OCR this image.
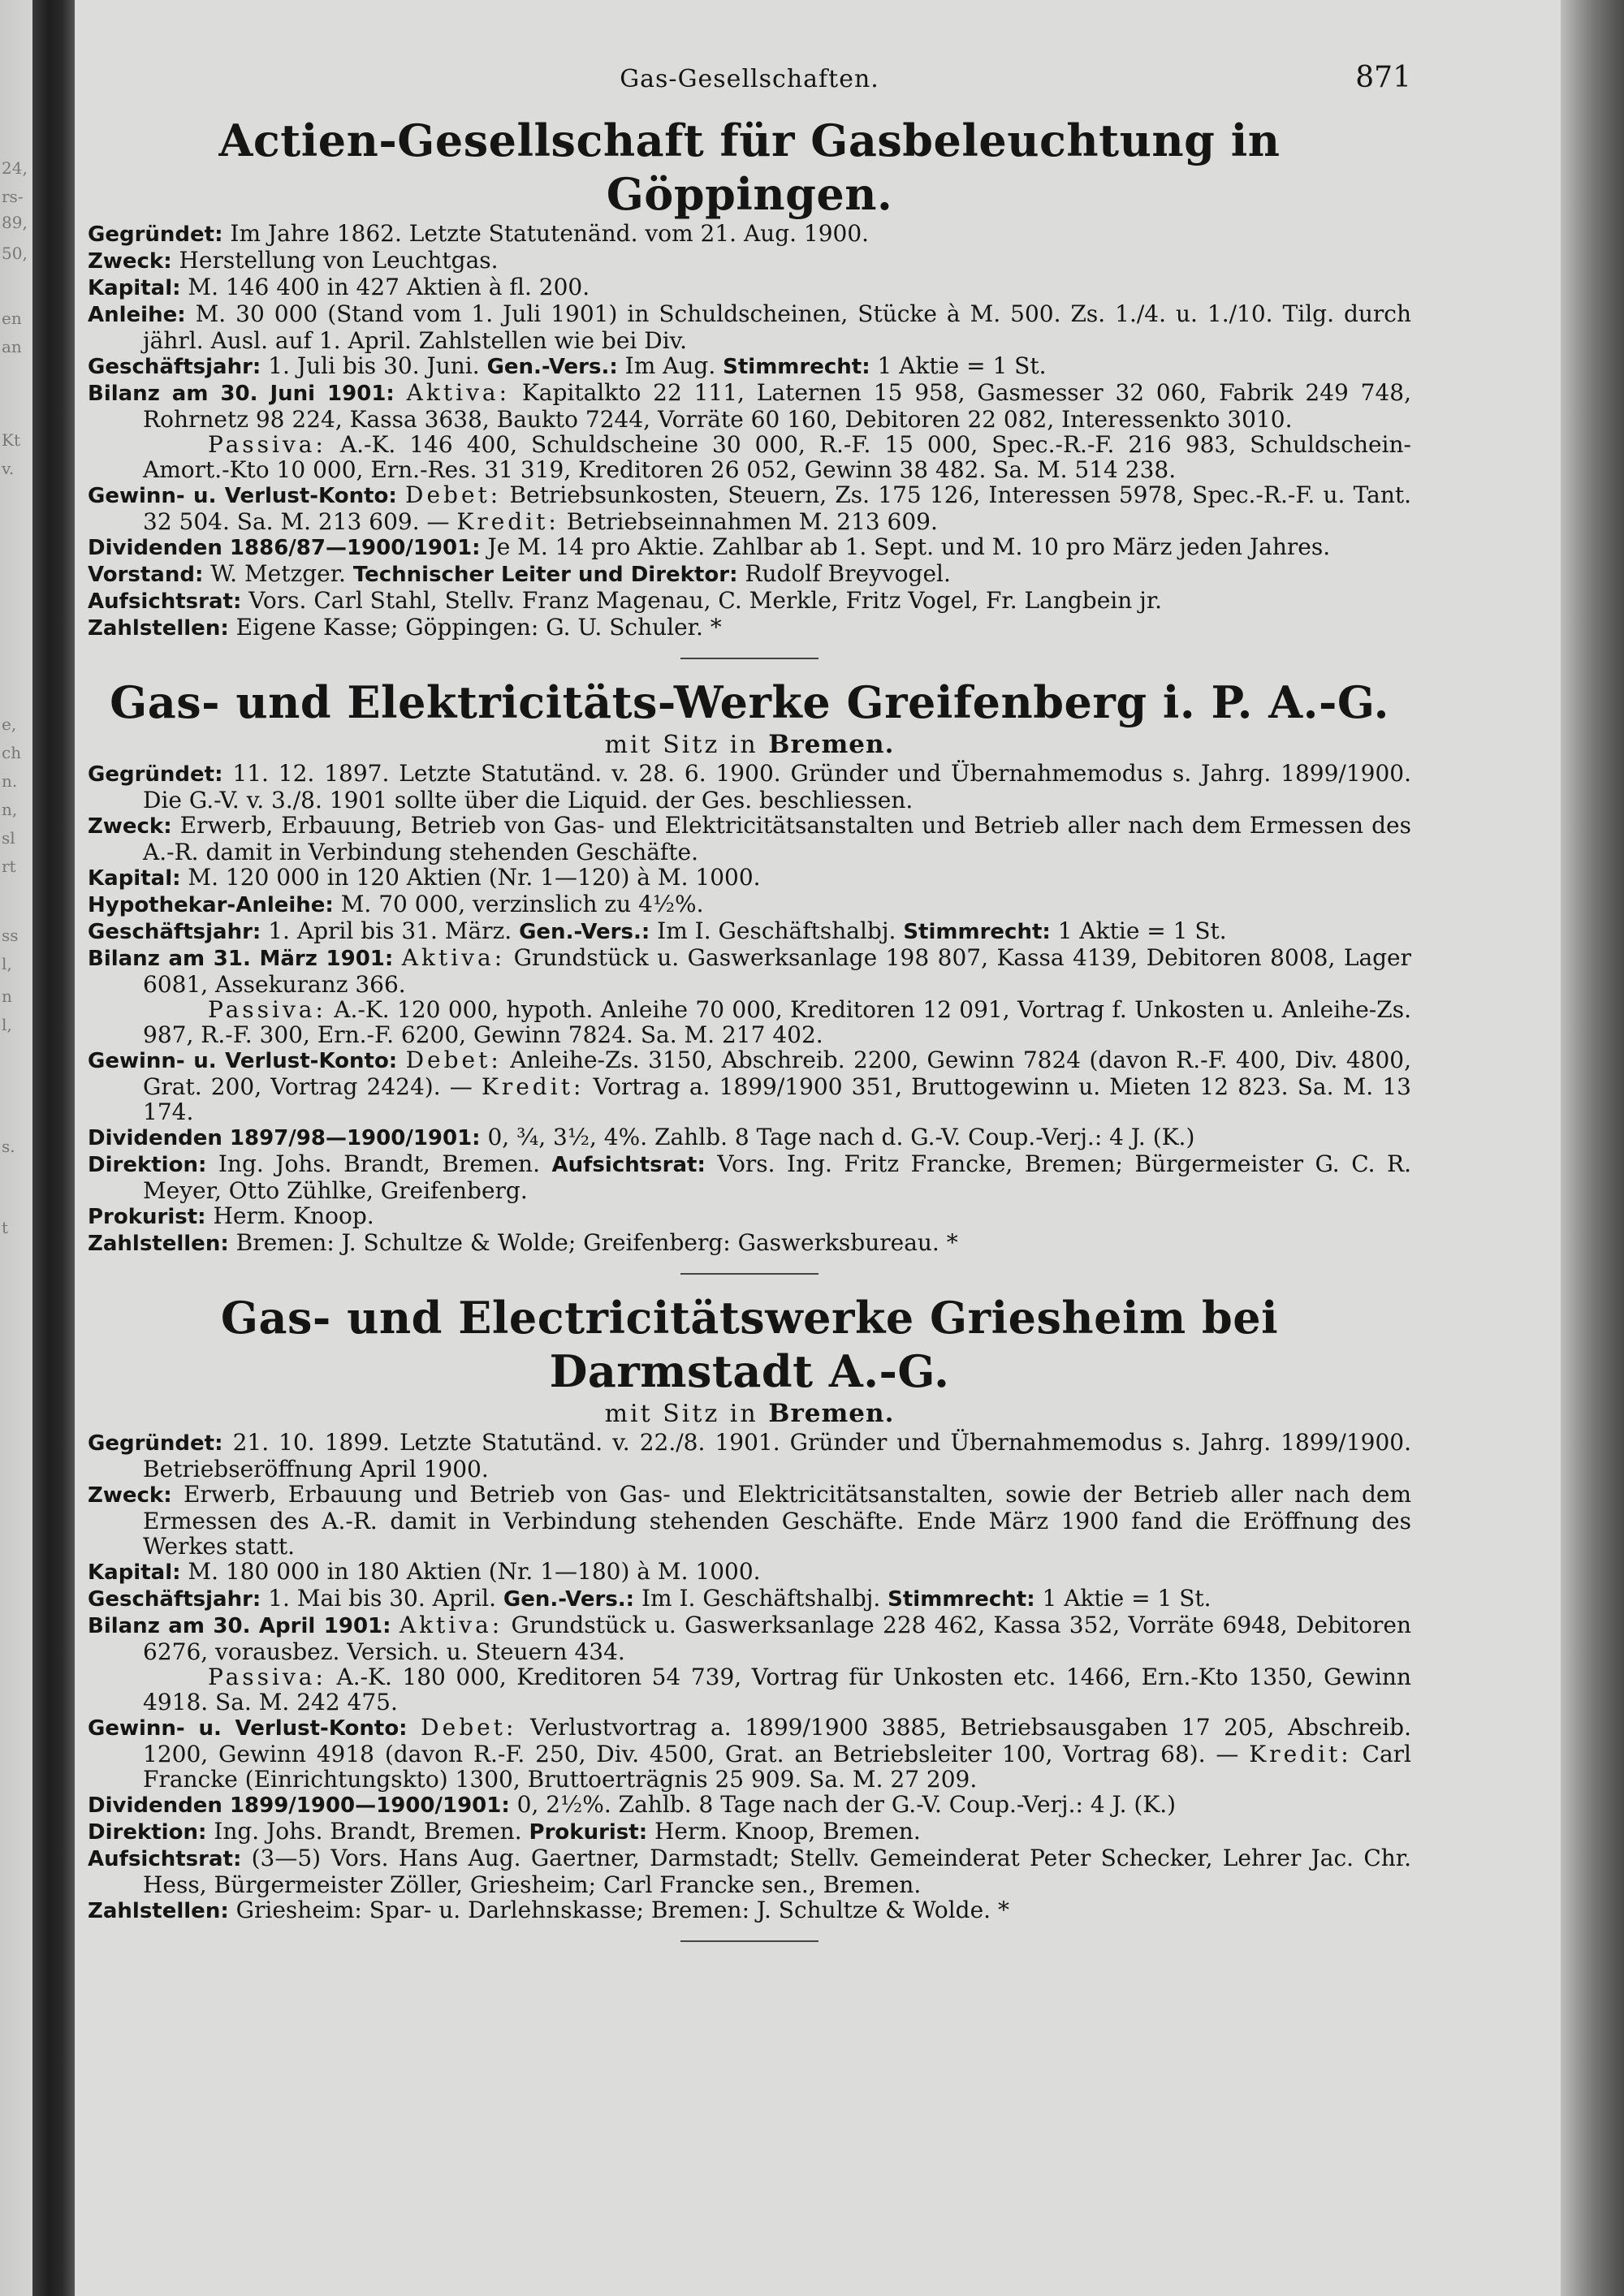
24,
rs-
89,
50,
en
an
Kt
v.
e,
ch
n.
n,
sl
rt
ss
l,
n
l,
s.
t
Gas-Gesellschaften.	871
Actien-Gesellschaft für Gasbeleuchtung in Göppingen.

Gegründet: Im Jahre 1862. Letzte Statutenänd. vom 21. Aug. 1900.

Zweck: Herstellung von Leuchtgas.

Kapital: M. 146 400 in 427 Aktien à fl. 200.

Anleihe: M. 30 000 (Stand vom 1. Juli 1901) in Schuldscheinen, Stücke à M. 500. Zs. 1./4. u. 1./10. Tilg. durch jährl. Ausl. auf 1. April. Zahlstellen wie bei Div.

Geschäftsjahr: 1. Juli bis 30. Juni. Gen.-Vers.: Im Aug. Stimmrecht: 1 Aktie = 1 St.

Bilanz am 30. Juni 1901: Aktiva: Kapitalkto 22 111, Laternen 15 958, Gasmesser 32 060, Fabrik 249 748, Rohrnetz 98 224, Kassa 3638, Baukto 7244, Vorräte 60 160, Debitoren 22 082, Interessenkto 3010.

Passiva: A.-K. 146 400, Schuldscheine 30 000, R.-F. 15 000, Spec.-R.-F. 216 983, Schuldschein-Amort.-Kto 10 000, Ern.-Res. 31 319, Kreditoren 26 052, Gewinn 38 482. Sa. M. 514 238.

Gewinn- u. Verlust-Konto: Debet: Betriebsunkosten, Steuern, Zs. 175 126, Interessen 5978, Spec.-R.-F. u. Tant. 32 504. Sa. M. 213 609. — Kredit: Betriebseinnahmen M. 213 609.

Dividenden 1886/87—1900/1901: Je M. 14 pro Aktie. Zahlbar ab 1. Sept. und M. 10 pro März jeden Jahres.

Vorstand: W. Metzger. Technischer Leiter und Direktor: Rudolf Breyvogel.

Aufsichtsrat: Vors. Carl Stahl, Stellv. Franz Magenau, C. Merkle, Fritz Vogel, Fr. Langbein jr.

Zahlstellen: Eigene Kasse; Göppingen: G. U. Schuler. *

Gas- und Elektricitäts-Werke Greifenberg i. P. A.-G.
mit Sitz in Bremen.

Gegründet: 11. 12. 1897. Letzte Statutänd. v. 28. 6. 1900. Gründer und Übernahmemodus s. Jahrg. 1899/1900. Die G.-V. v. 3./8. 1901 sollte über die Liquid. der Ges. beschliessen.

Zweck: Erwerb, Erbauung, Betrieb von Gas- und Elektricitätsanstalten und Betrieb aller nach dem Ermessen des A.-R. damit in Verbindung stehenden Geschäfte.

Kapital: M. 120 000 in 120 Aktien (Nr. 1—120) à M. 1000.

Hypothekar-Anleihe: M. 70 000, verzinslich zu 4½%.

Geschäftsjahr: 1. April bis 31. März. Gen.-Vers.: Im I. Geschäftshalbj. Stimmrecht: 1 Aktie = 1 St.

Bilanz am 31. März 1901: Aktiva: Grundstück u. Gaswerksanlage 198 807, Kassa 4139, Debitoren 8008, Lager 6081, Assekuranz 366.

Passiva: A.-K. 120 000, hypoth. Anleihe 70 000, Kreditoren 12 091, Vortrag f. Unkosten u. Anleihe-Zs. 987, R.-F. 300, Ern.-F. 6200, Gewinn 7824. Sa. M. 217 402.

Gewinn- u. Verlust-Konto: Debet: Anleihe-Zs. 3150, Abschreib. 2200, Gewinn 7824 (davon R.-F. 400, Div. 4800, Grat. 200, Vortrag 2424). — Kredit: Vortrag a. 1899/1900 351, Bruttogewinn u. Mieten 12 823. Sa. M. 13 174.

Dividenden 1897/98—1900/1901: 0, ¾, 3½, 4%. Zahlb. 8 Tage nach d. G.-V. Coup.-Verj.: 4 J. (K.)

Direktion: Ing. Johs. Brandt, Bremen. Aufsichtsrat: Vors. Ing. Fritz Francke, Bremen; Bürgermeister G. C. R. Meyer, Otto Zühlke, Greifenberg.

Prokurist: Herm. Knoop.

Zahlstellen: Bremen: J. Schultze & Wolde; Greifenberg: Gaswerksbureau. *

Gas- und Electricitätswerke Griesheim bei Darmstadt A.-G.
mit Sitz in Bremen.

Gegründet: 21. 10. 1899. Letzte Statutänd. v. 22./8. 1901. Gründer und Übernahmemodus s. Jahrg. 1899/1900. Betriebseröffnung April 1900.

Zweck: Erwerb, Erbauung und Betrieb von Gas- und Elektricitätsanstalten, sowie der Betrieb aller nach dem Ermessen des A.-R. damit in Verbindung stehenden Geschäfte. Ende März 1900 fand die Eröffnung des Werkes statt.

Kapital: M. 180 000 in 180 Aktien (Nr. 1—180) à M. 1000.

Geschäftsjahr: 1. Mai bis 30. April. Gen.-Vers.: Im I. Geschäftshalbj. Stimmrecht: 1 Aktie = 1 St.

Bilanz am 30. April 1901: Aktiva: Grundstück u. Gaswerksanlage 228 462, Kassa 352, Vorräte 6948, Debitoren 6276, vorausbez. Versich. u. Steuern 434.

Passiva: A.-K. 180 000, Kreditoren 54 739, Vortrag für Unkosten etc. 1466, Ern.-Kto 1350, Gewinn 4918. Sa. M. 242 475.

Gewinn- u. Verlust-Konto: Debet: Verlustvortrag a. 1899/1900 3885, Betriebsausgaben 17 205, Abschreib. 1200, Gewinn 4918 (davon R.-F. 250, Div. 4500, Grat. an Betriebsleiter 100, Vortrag 68). — Kredit: Carl Francke (Einrichtungskto) 1300, Bruttoerträgnis 25 909. Sa. M. 27 209.

Dividenden 1899/1900—1900/1901: 0, 2½%. Zahlb. 8 Tage nach der G.-V. Coup.-Verj.: 4 J. (K.)

Direktion: Ing. Johs. Brandt, Bremen. Prokurist: Herm. Knoop, Bremen.

Aufsichtsrat: (3—5) Vors. Hans Aug. Gaertner, Darmstadt; Stellv. Gemeinderat Peter Schecker, Lehrer Jac. Chr. Hess, Bürgermeister Zöller, Griesheim; Carl Francke sen., Bremen.

Zahlstellen: Griesheim: Spar- u. Darlehnskasse; Bremen: J. Schultze & Wolde. *
